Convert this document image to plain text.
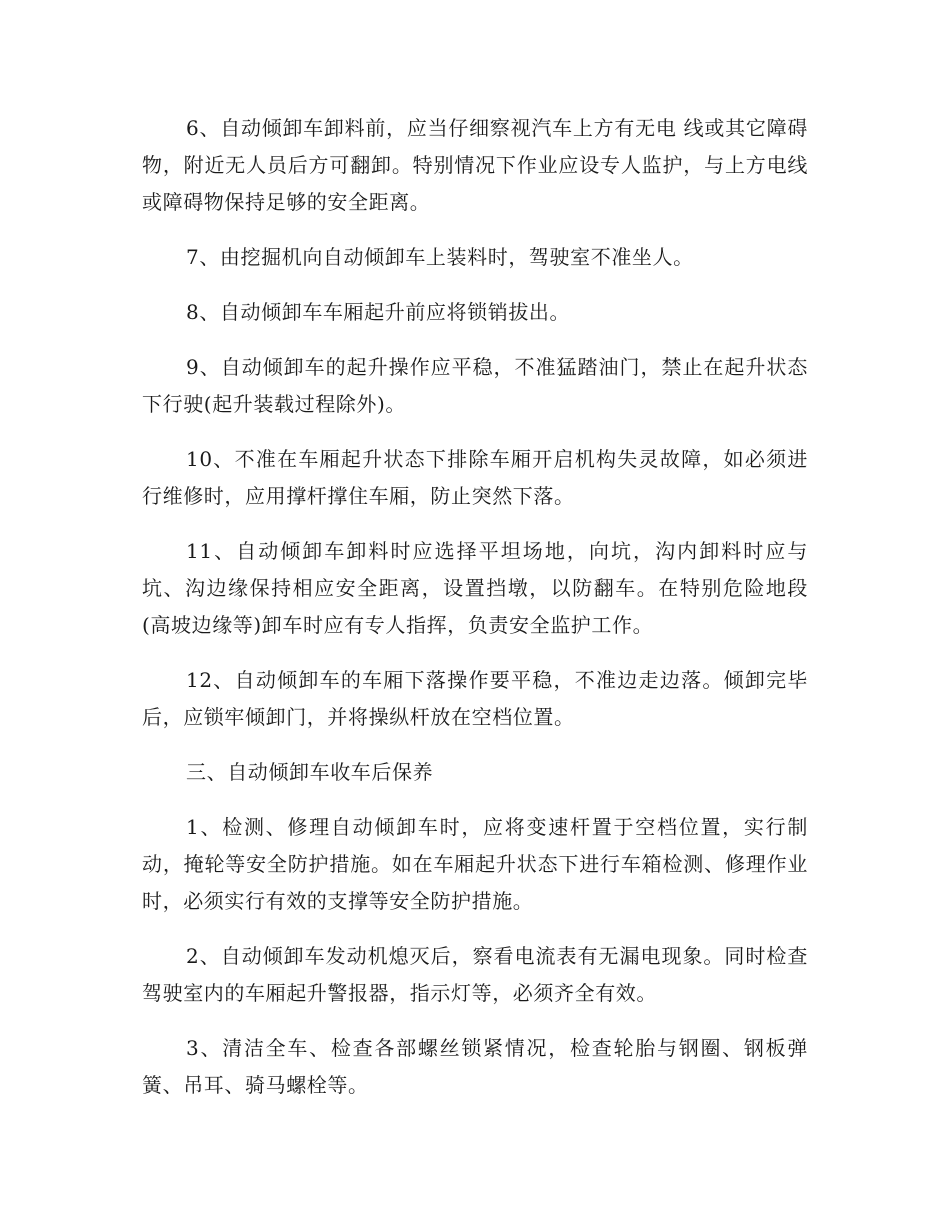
6、自动倾卸车卸料前，应当仔细察视汽车上方有无电 线或其它障碍物，附近无人员后方可翻卸。特别情况下作业应设专人监护，与上方电线或障碍物保持足够的安全距离。

7、由挖掘机向自动倾卸车上装料时，驾驶室不准坐人。

8、自动倾卸车车厢起升前应将锁销拔出。

9、自动倾卸车的起升操作应平稳，不准猛踏油门，禁止在起升状态下行驶(起升装载过程除外)。

10、不准在车厢起升状态下排除车厢开启机构失灵故障，如必须进行维修时，应用撑杆撑住车厢，防止突然下落。

11、自动倾卸车卸料时应选择平坦场地，向坑，沟内卸料时应与坑、沟边缘保持相应安全距离，设置挡墩，以防翻车。在特别危险地段(高坡边缘等)卸车时应有专人指挥，负责安全监护工作。

12、自动倾卸车的车厢下落操作要平稳，不准边走边落。倾卸完毕后，应锁牢倾卸门，并将操纵杆放在空档位置。

三、自动倾卸车收车后保养

1、检测、修理自动倾卸车时，应将变速杆置于空档位置，实行制动，掩轮等安全防护措施。如在车厢起升状态下进行车箱检测、修理作业时，必须实行有效的支撑等安全防护措施。

2、自动倾卸车发动机熄灭后，察看电流表有无漏电现象。同时检查驾驶室内的车厢起升警报器，指示灯等，必须齐全有效。

3、清洁全车、检查各部螺丝锁紧情况，检查轮胎与钢圈、钢板弹簧、吊耳、骑马螺栓等。
